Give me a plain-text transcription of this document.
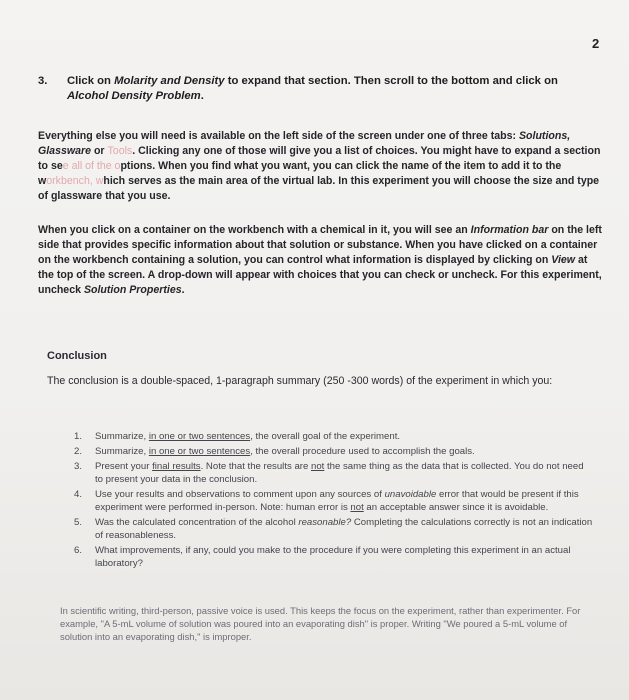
2
3. Click on Molarity and Density to expand that section. Then scroll to the bottom and click on Alcohol Density Problem.
Everything else you will need is available on the left side of the screen under one of three tabs: Solutions, Glassware or Tools. Clicking any one of those will give you a list of choices. You might have to expand a section to see all of the options. When you find what you want, you can click the name of the item to add it to the workbench, which serves as the main area of the virtual lab. In this experiment you will choose the size and type of glassware that you use.
When you click on a container on the workbench with a chemical in it, you will see an Information bar on the left side that provides specific information about that solution or substance. When you have clicked on a container on the workbench containing a solution, you can control what information is displayed by clicking on View at the top of the screen. A drop-down will appear with choices that you can check or uncheck. For this experiment, uncheck Solution Properties.
Conclusion
The conclusion is a double-spaced, 1-paragraph summary (250 -300 words) of the experiment in which you:
1. Summarize, in one or two sentences, the overall goal of the experiment.
2. Summarize, in one or two sentences, the overall procedure used to accomplish the goals.
3. Present your final results. Note that the results are not the same thing as the data that is collected. You do not need to present your data in the conclusion.
4. Use your results and observations to comment upon any sources of unavoidable error that would be present if this experiment were performed in-person. Note: human error is not an acceptable answer since it is avoidable.
5. Was the calculated concentration of the alcohol reasonable? Completing the calculations correctly is not an indication of reasonableness.
6. What improvements, if any, could you make to the procedure if you were completing this experiment in an actual laboratory?
In scientific writing, third-person, passive voice is used. This keeps the focus on the experiment, rather than experimenter. For example, "A 5-mL volume of solution was poured into an evaporating dish" is proper. Writing "We poured a 5-mL volume of solution into an evaporating dish," is improper.
